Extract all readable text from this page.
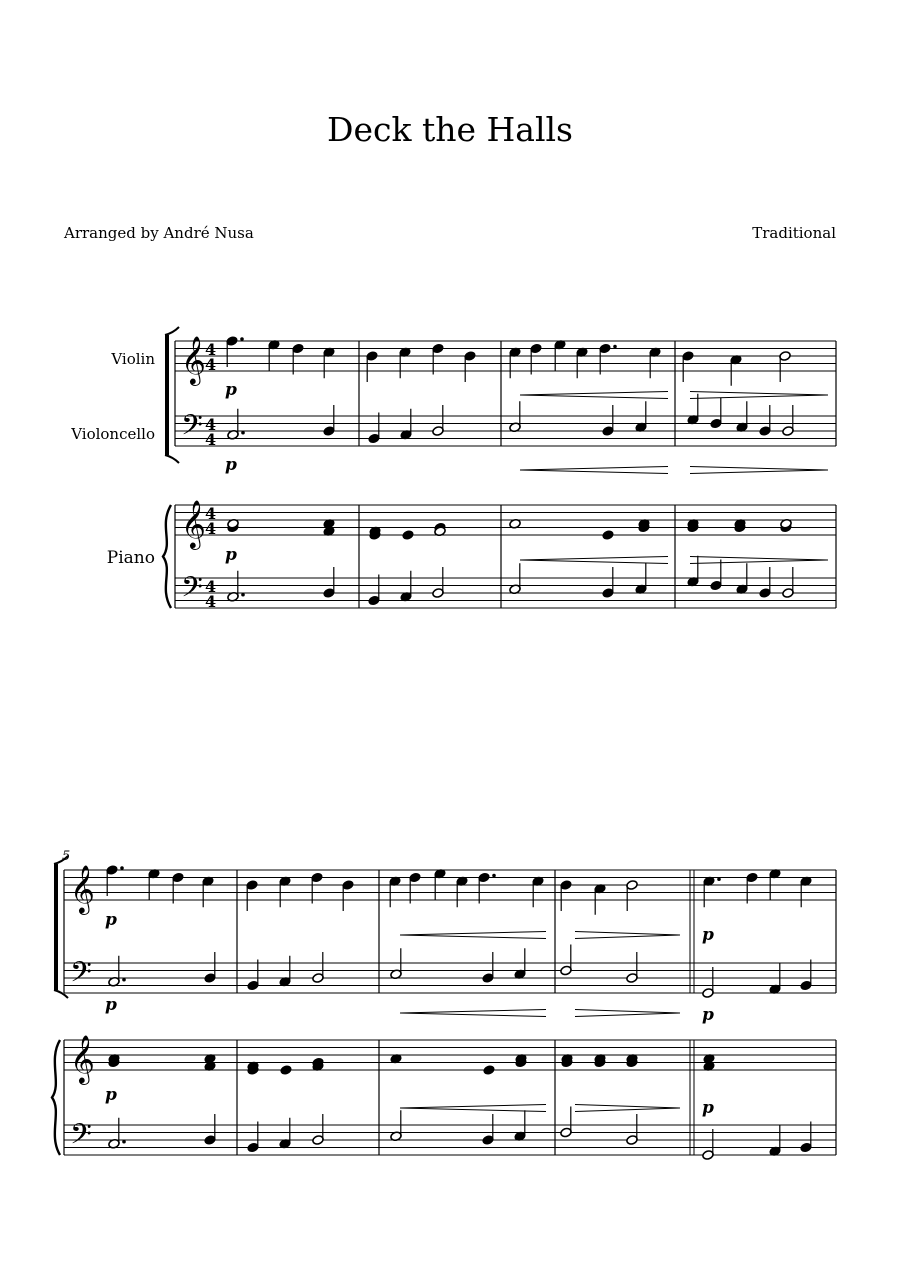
Deck the Halls
Arranged by André Nusa	Traditional
Violin
Violoncello
Piano
𝄞
𝄢
𝄞
𝄢
4
4
4
4
4
4
4
4
𝄞
𝄢
𝄞
𝄢
5
p
p
p
p
p
p
p
p
p
